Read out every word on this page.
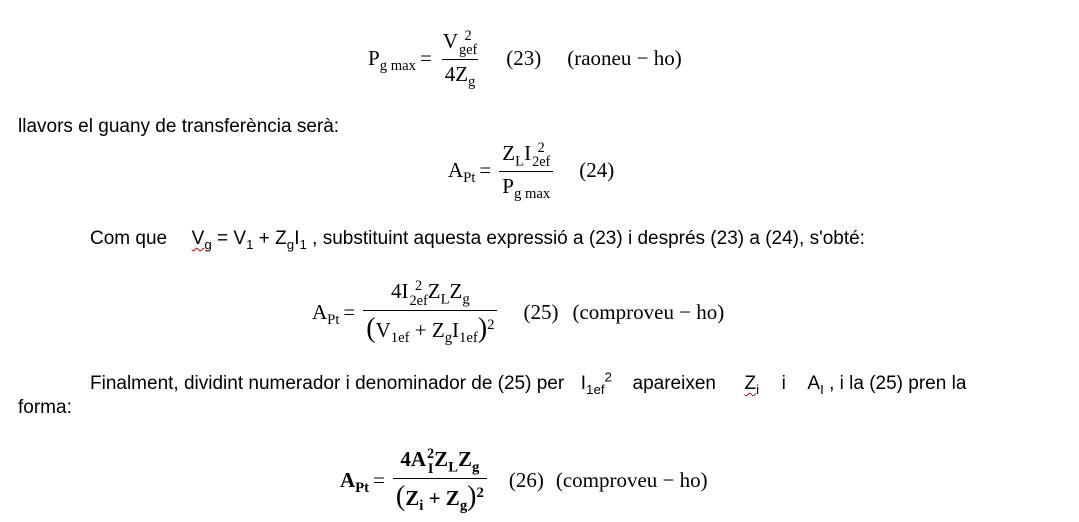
$P_{g max} = V$ 2
gef
$4Z_g$ (23) (raoneu − ho)
llavors el guany de transferència serà:
$A_{Pt} = Z_LI$ 2
2ef
$P_{g max}$ (24)
Com que $V_g = V_1 + Z_gI_1$ , substituint aquesta expressió a (23) i després (23) a (24), s'obté:
$A_{Pt} = 4I$ 2
2ef $Z_LZ_g$
$(V_{1ef} + Z_gI_{1ef})^2$ (25) (comproveu − ho)
Finalment, dividint numerador i denominador de (25) per $I_{1ef}^2$ apareixen $Z_i$ i $A_I$ , i la (25) pren la
forma:
$A_{Pt} = 4A$ 2
I $Z_LZ_g$
$(Z_i + Z_g)^2$ (26) (comproveu − ho)
